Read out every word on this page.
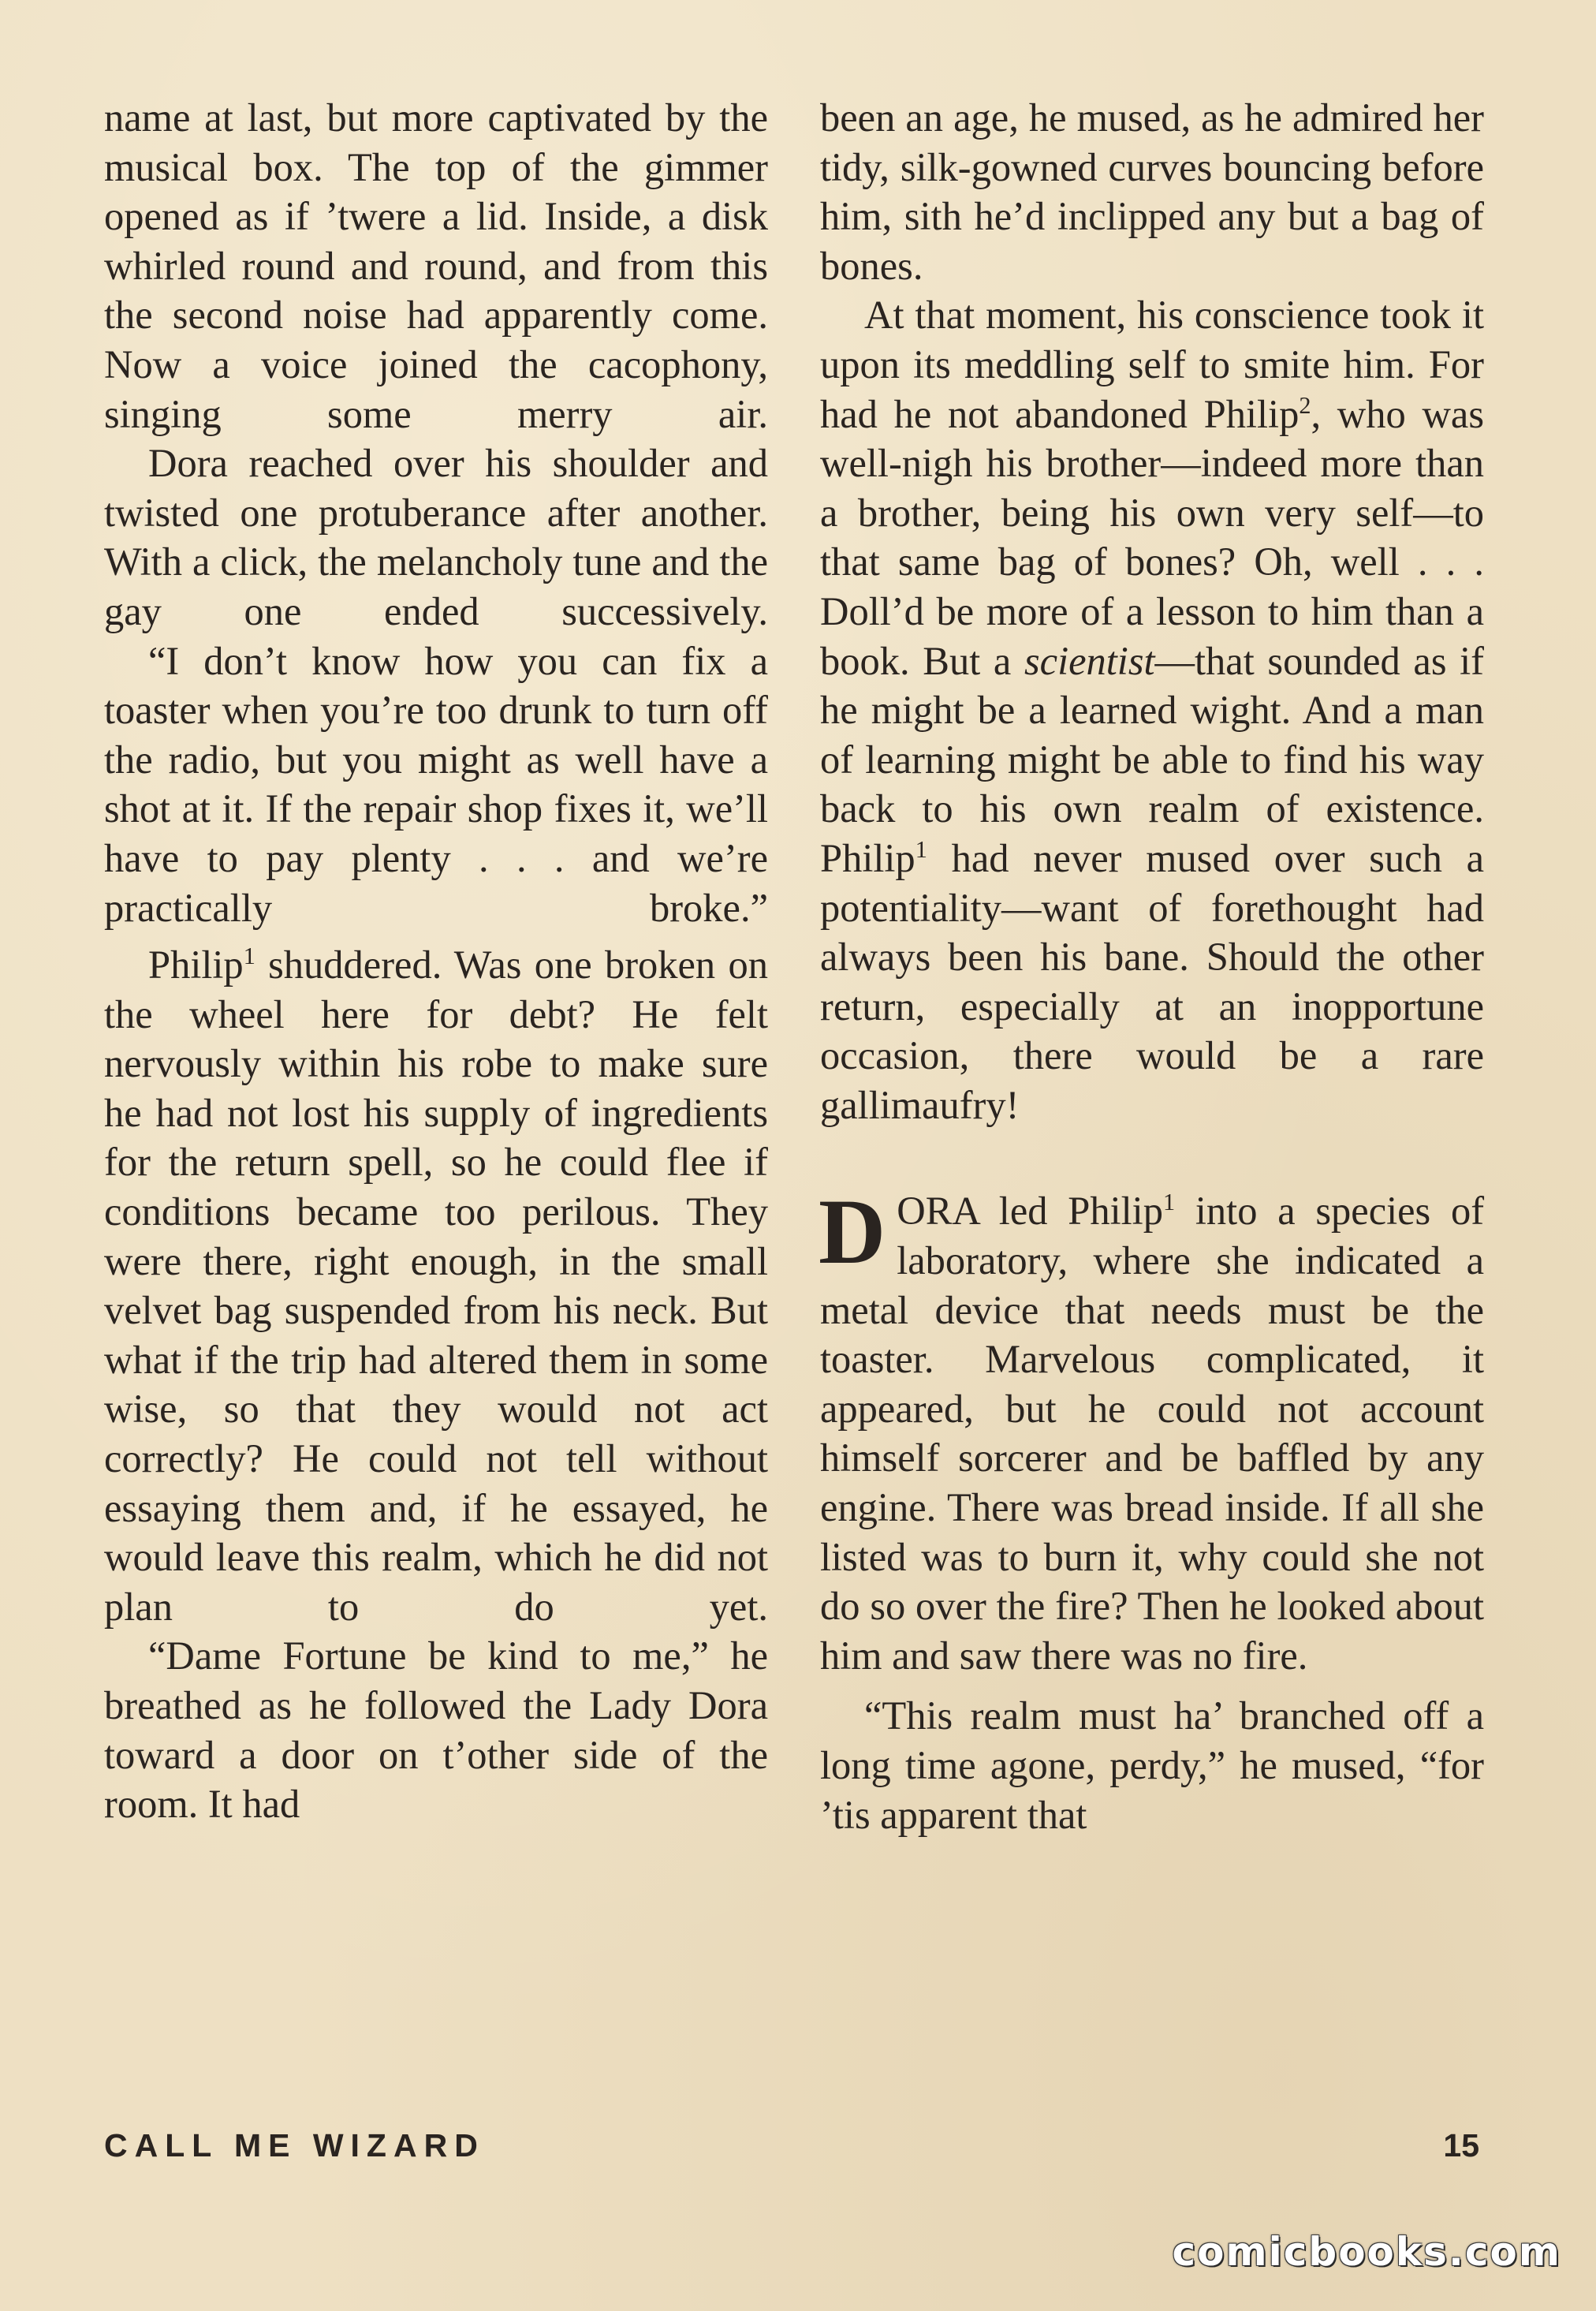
name at last, but more captivated by the musical box. The top of the gimmer opened as if ’twere a lid. Inside, a disk whirled round and round, and from this the second noise had apparently come. Now a voice joined the cacophony, singing some merry air.

Dora reached over his shoulder and twisted one protuberance after another. With a click, the melancholy tune and the gay one ended successively.

“I don’t know how you can fix a toaster when you’re too drunk to turn off the radio, but you might as well have a shot at it. If the repair shop fixes it, we’ll have to pay plenty . . . and we’re practically broke.”

Philip$^1$ shuddered. Was one broken on the wheel here for debt? He felt nervously within his robe to make sure he had not lost his supply of ingredients for the return spell, so he could flee if conditions became too perilous. They were there, right enough, in the small velvet bag suspended from his neck. But what if the trip had altered them in some wise, so that they would not act correctly? He could not tell without essaying them and, if he essayed, he would leave this realm, which he did not plan to do yet.

“Dame Fortune be kind to me,” he breathed as he followed the Lady Dora toward a door on t’other side of the room. It had

been an age, he mused, as he admired her tidy, silk-gowned curves bouncing before him, sith he’d inclipped any but a bag of bones.

At that moment, his conscience took it upon its meddling self to smite him. For had he not abandoned Philip$^2$, who was well-nigh his brother—indeed more than a brother, being his own very self—to that same bag of bones? Oh, well . . . Doll’d be more of a lesson to him than a book. But a scientist—that sounded as if he might be a learned wight. And a man of learning might be able to find his way back to his own realm of existence. Philip$^1$ had never mused over such a potentiality—want of forethought had always been his bane. Should the other return, especially at an inopportune occasion, there would be a rare gallimaufry!

DORA led Philip$^1$ into a species of laboratory, where she indicated a metal device that needs must be the toaster. Marvelous complicated, it appeared, but he could not account himself sorcerer and be baffled by any engine. There was bread inside. If all she listed was to burn it, why could she not do so over the fire? Then he looked about him and saw there was no fire.

“This realm must ha’ branched off a long time agone, perdy,” he mused, “for ’tis apparent that

CALL ME WIZARD	15
comicbooks.com
